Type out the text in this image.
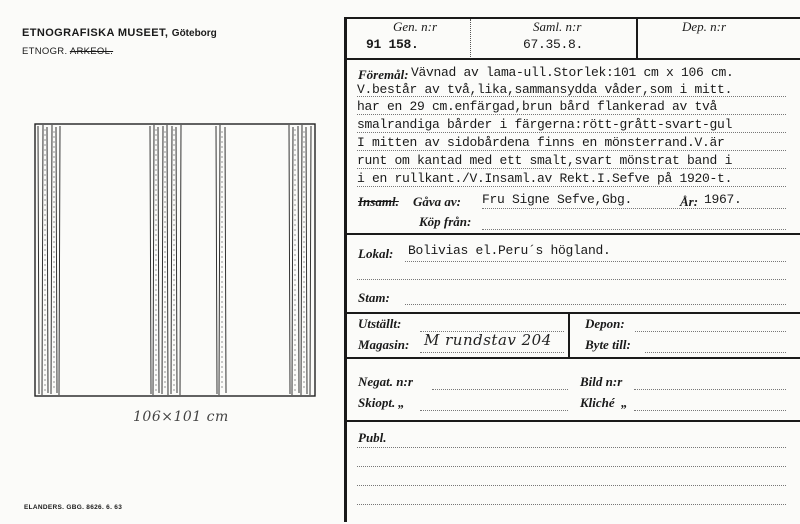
ETNOGRAFISKA MUSEET, Göteborg
ETNOGR. ARKEOL.
106×101 cm
ELANDERS. GBG. 8626. 6. 63
Gen. n:r
91 158.
Saml. n:r
67.35.8.
Dep. n:r
Föremål: Vävnad av lama-ull.Storlek:101 cm x 106 cm.
V.består av två,lika,sammansydda våder,som i mitt.
har en 29 cm.enfärgad,brun bård flankerad av två
smalrandiga bårder i färgerna:rött-grått-svart-gul
I mitten av sidobårdena finns en mönsterrand.V.är
runt om kantad med ett smalt,svart mönstrat band i
i en rullkant./V.Insaml.av Rekt.I.Sefve på 1920-t.
Insaml. Gåva av: Fru Signe Sefve,Gbg.	År: 1967.
Köp från:
Lokal: Bolivias el.Peru´s högland.
Stam:
Utställt:
Magasin: M rundstav 204
Depon:
Byte till:
Negat. n:r	Bild n:r
Skiopt. „	Kliché „
Publ.
